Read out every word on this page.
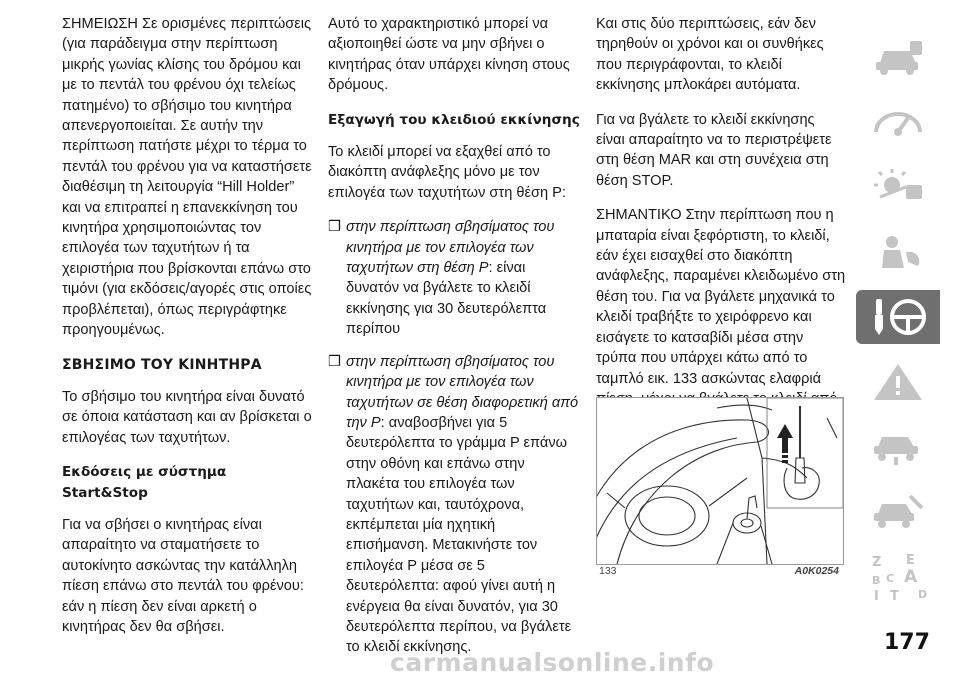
ΣΗΜΕΙΩΣΗ Σε ορισμένες περιπτώσεις (για παράδειγμα στην περίπτωση μικρής γωνίας κλίσης του δρόμου και με το πεντάλ του φρένου όχι τελείως πατημένο) το σβήσιμο του κινητήρα απενεργοποιείται. Σε αυτήν την περίπτωση πατήστε μέχρι το τέρμα το πεντάλ του φρένου για να καταστήσετε διαθέσιμη τη λειτουργία “Hill Holder” και να επιτραπεί η επανεκκίνηση του κινητήρα χρησιμοποιώντας τον επιλογέα των ταχυτήτων ή τα χειριστήρια που βρίσκονται επάνω στο τιμόνι (για εκδόσεις/αγορές στις οποίες προβλέπεται), όπως περιγράφτηκε προηγουμένως.

ΣΒΗΣΙΜΟ ΤΟΥ ΚΙΝΗΤΗΡΑ

Το σβήσιμο του κινητήρα είναι δυνατό σε όποια κατάσταση και αν βρίσκεται ο επιλογέας των ταχυτήτων.

Εκδόσεις με σύστημα Start&Stop

Για να σβήσει ο κινητήρας είναι απαραίτητο να σταματήσετε το αυτοκίνητο ασκώντας την κατάλληλη πίεση επάνω στο πεντάλ του φρένου: εάν η πίεση δεν είναι αρκετή ο κινητήρας δεν θα σβήσει.

Αυτό το χαρακτηριστικό μπορεί να αξιοποιηθεί ώστε να μην σβήνει ο κινητήρας όταν υπάρχει κίνηση στους δρόμους.

Εξαγωγή του κλειδιού εκκίνησης

Το κλειδί μπορεί να εξαχθεί από το διακόπτη ανάφλεξης μόνο με τον επιλογέα των ταχυτήτων στη θέση P:

❒ στην περίπτωση σβησίματος του κινητήρα με τον επιλογέα των ταχυτήτων στη θέση P: είναι δυνατόν να βγάλετε το κλειδί εκκίνησης για 30 δευτερόλεπτα περίπου
❒ στην περίπτωση σβησίματος του κινητήρα με τον επιλογέα των ταχυτήτων σε θέση διαφορετική από την P: αναβοσβήνει για 5 δευτερόλεπτα το γράμμα P επάνω στην οθόνη και επάνω στην πλακέτα του επιλογέα των ταχυτήτων και, ταυτόχρονα, εκπέμπεται μία ηχητική επισήμανση. Μετακινήστε τον επιλογέα P μέσα σε 5 δευτερόλεπτα: αφού γίνει αυτή η ενέργεια θα είναι δυνατόν, για 30 δευτερόλεπτα περίπου, να βγάλετε το κλειδί εκκίνησης.

Και στις δύο περιπτώσεις, εάν δεν τηρηθούν οι χρόνοι και οι συνθήκες που περιγράφονται, το κλειδί εκκίνησης μπλοκάρει αυτόματα.

Για να βγάλετε το κλειδί εκκίνησης είναι απαραίτητο να το περιστρέψετε στη θέση MAR και στη συνέχεια στη θέση STOP.

ΣΗΜΑΝΤΙΚΟ Στην περίπτωση που η μπαταρία είναι ξεφόρτιστη, το κλειδί, εάν έχει εισαχθεί στο διακόπτη ανάφλεξης, παραμένει κλειδωμένο στη θέση του. Για να βγάλετε μηχανικά το κλειδί τραβήξτε το χειρόφρενο και εισάγετε το κατσαβίδι μέσα στην τρύπα που υπάρχει κάτω από το ταμπλό εικ. 133 ασκώντας ελαφριά

133	A0K0254
Z E
A
B C
D
I T
177
carmanualsonline.info
